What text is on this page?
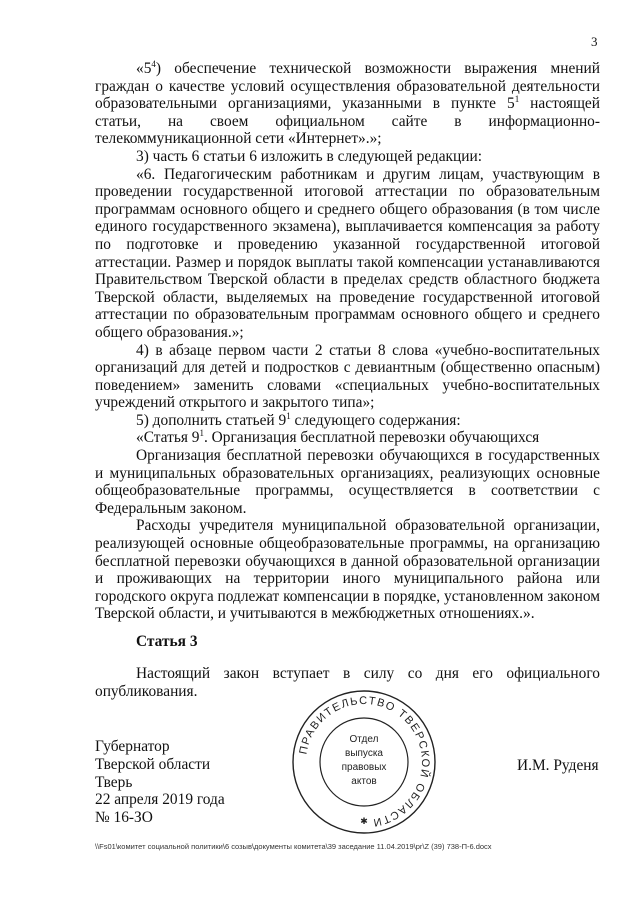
3

«$5^4$) обеспечение технической возможности выражения мнений граждан о качестве условий осуществления образовательной деятельности образовательными организациями, указанными в пункте $5^1$ настоящей статьи, на своем официальном сайте в информационно-телекоммуникационной сети «Интернет».»;

3) часть 6 статьи 6 изложить в следующей редакции:

«6. Педагогическим работникам и другим лицам, участвующим в проведении государственной итоговой аттестации по образовательным программам основного общего и среднего общего образования (в том числе единого государственного экзамена), выплачивается компенсация за работу по подготовке и проведению указанной государственной итоговой аттестации. Размер и порядок выплаты такой компенсации устанавливаются Правительством Тверской области в пределах средств областного бюджета Тверской области, выделяемых на проведение государственной итоговой аттестации по образовательным программам основного общего и среднего общего образования.»;

4) в абзаце первом части 2 статьи 8 слова «учебно-воспитательных организаций для детей и подростков с девиантным (общественно опасным) поведением» заменить словами «специальных учебно-воспитательных учреждений открытого и закрытого типа»;

5) дополнить статьей $9^1$ следующего содержания:

«Статья $9^1$. Организация бесплатной перевозки обучающихся

Организация бесплатной перевозки обучающихся в государственных и муниципальных образовательных организациях, реализующих основные общеобразовательные программы, осуществляется в соответствии с Федеральным законом.

Расходы учредителя муниципальной образовательной организации, реализующей основные общеобразовательные программы, на организацию бесплатной перевозки обучающихся в данной образовательной организации и проживающих на территории иного муниципального района или городского округа подлежат компенсации в порядке, установленном законом Тверской области, и учитываются в межбюджетных отношениях.».

Статья 3

Настоящий закон вступает в силу со дня его официального опубликования.

Губернатор
Тверской области
Тверь
22 апреля 2019 года
№ 16-ЗО
И.М. Руденя
ПРАВИТЕЛЬСТВО ТВЕРСКОЙ ОБЛАСТИ
Отдел
выпуска
правовых
актов
✱
\\Fs01\комитет социальной политики\6 созыв\документы комитета\39 заседание 11.04.2019\pr\Z (39) 738-П-6.docx
